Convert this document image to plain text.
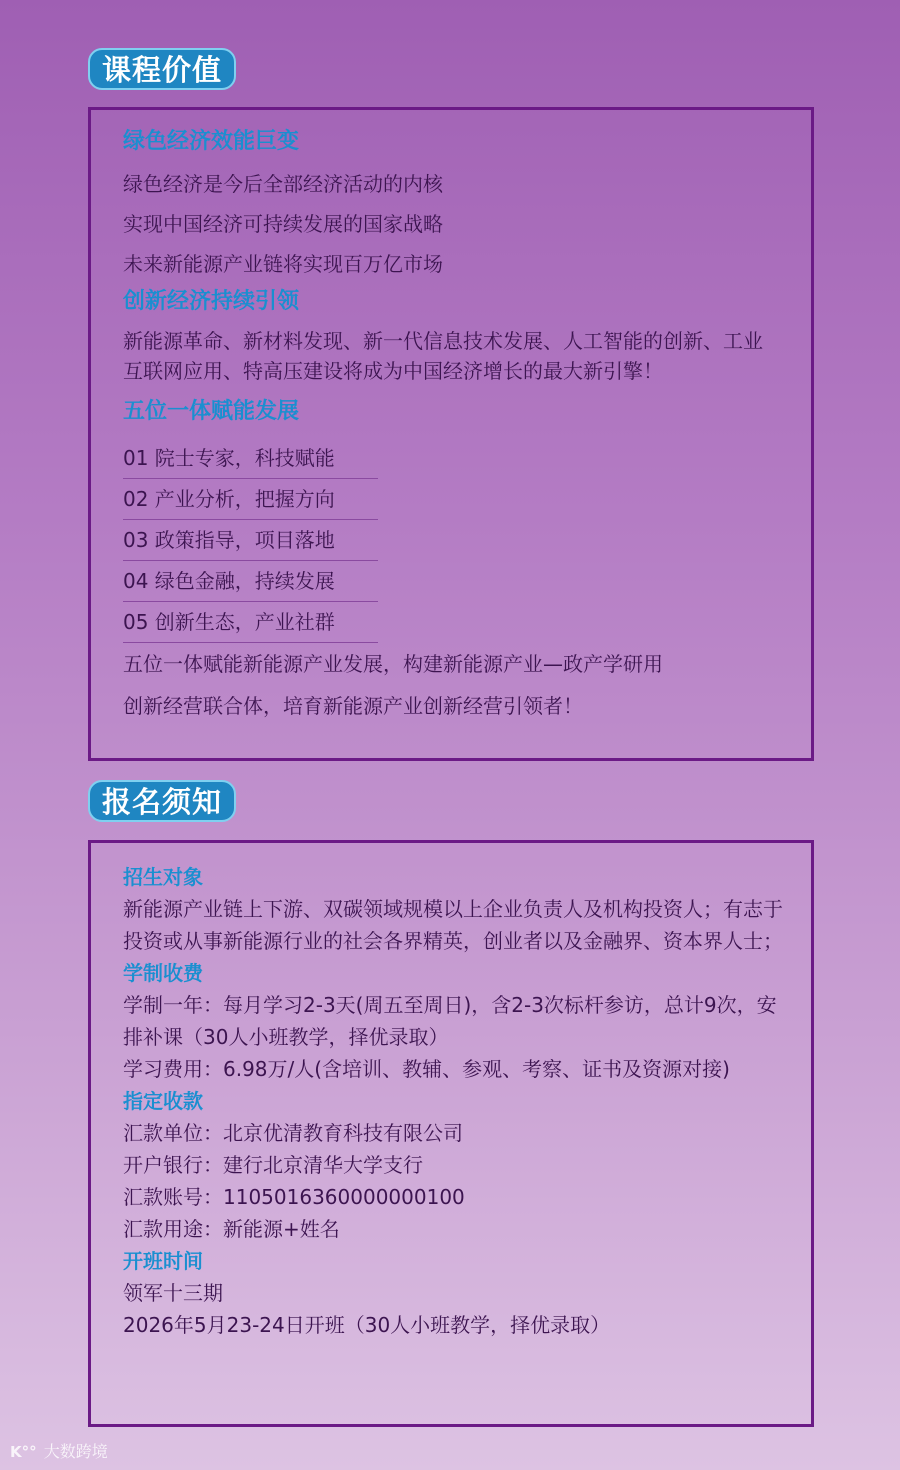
课程价值
绿色经济效能巨变
绿色经济是今后全部经济活动的内核
实现中国经济可持续发展的国家战略
未来新能源产业链将实现百万亿市场
创新经济持续引领
新能源革命、新材料发现、新一代信息技术发展、人工智能的创新、工业互联网应用、特高压建设将成为中国经济增长的最大新引擎！
五位一体赋能发展
01 院士专家，科技赋能
02 产业分析，把握方向
03 政策指导，项目落地
04 绿色金融，持续发展
05 创新生态，产业社群
五位一体赋能新能源产业发展，构建新能源产业—政产学研用
创新经营联合体，培育新能源产业创新经营引领者！
报名须知
招生对象
新能源产业链上下游、双碳领域规模以上企业负责人及机构投资人；有志于投资或从事新能源行业的社会各界精英，创业者以及金融界、资本界人士；
学制收费
学制一年：每月学习2-3天(周五至周日)，含2-3次标杆参访，总计9次，安排补课（30人小班教学，择优录取）
学习费用：6.98万/人(含培训、教辅、参观、考察、证书及资源对接)
指定收款
汇款单位：北京优清教育科技有限公司
开户银行：建行北京清华大学支行
汇款账号：1105016360000000100
汇款用途：新能源+姓名
开班时间
领军十三期
2026年5月23-24日开班（30人小班教学，择优录取）
K°° 大数跨境
